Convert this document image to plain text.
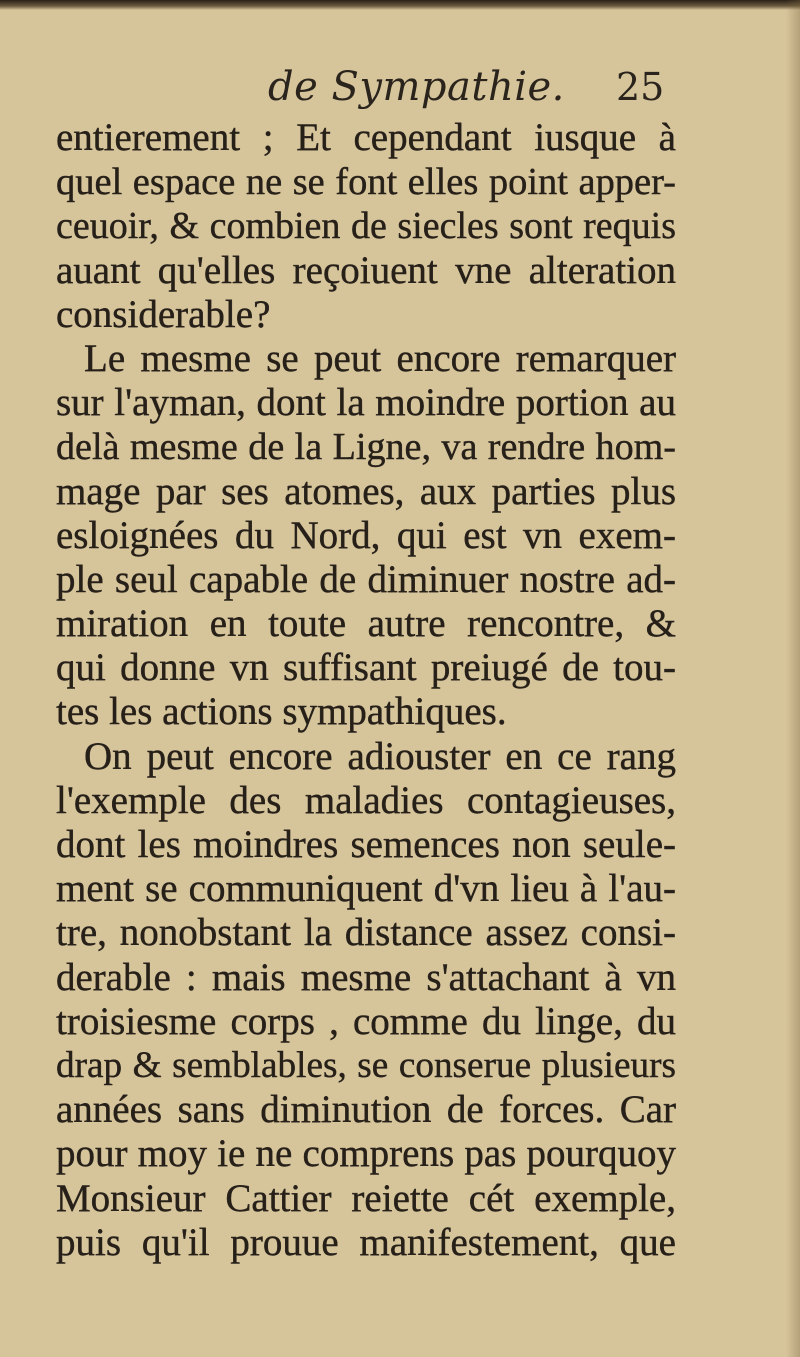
de Sympathie. 25
entierement ; Et cependant iusque à
quel espace ne se font elles point apper-
ceuoir, & combien de siecles sont requis
auant qu'elles reçoiuent vne alteration
considerable?
Le mesme se peut encore remarquer
sur l'ayman, dont la moindre portion au
delà mesme de la Ligne, va rendre hom-
mage par ses atomes, aux parties plus
esloignées du Nord, qui est vn exem-
ple seul capable de diminuer nostre ad-
miration en toute autre rencontre, &
qui donne vn suffisant preiugé de tou-
tes les actions sympathiques.
On peut encore adiouster en ce rang
l'exemple des maladies contagieuses,
dont les moindres semences non seule-
ment se communiquent d'vn lieu à l'au-
tre, nonobstant la distance assez consi-
derable : mais mesme s'attachant à vn
troisiesme corps , comme du linge, du
drap & semblables, se conserue plusieurs
années sans diminution de forces. Car
pour moy ie ne comprens pas pourquoy
Monsieur Cattier reiette cét exemple,
puis qu'il prouue manifestement, que
